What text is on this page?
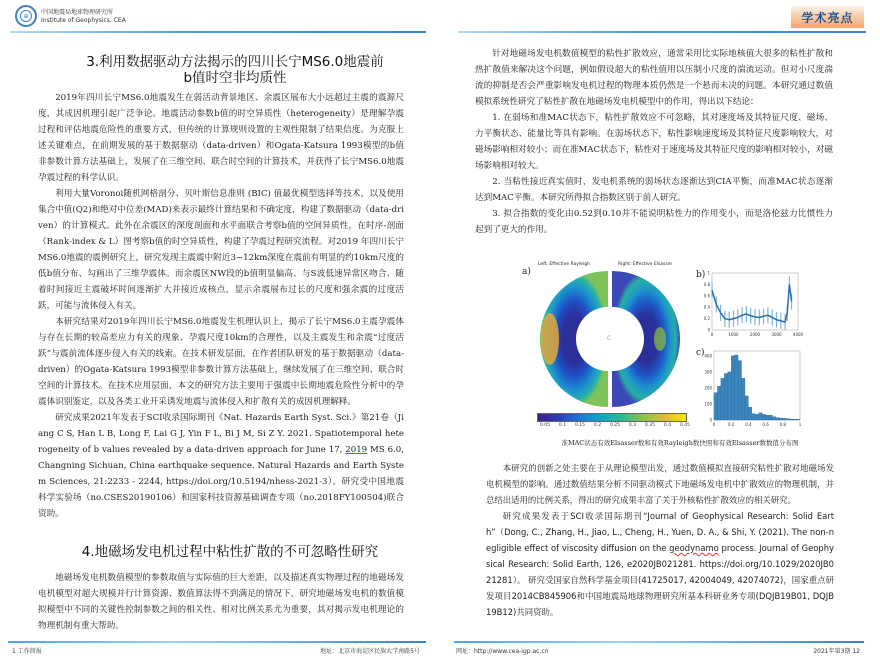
⊕	中国地震局地球物理研究所
Institute of Geophysics, CEA
3.利用数据驱动方法揭示的四川长宁MS6.0地震前
b值时空非均质性

2019年四川长宁MS6.0地震发生在弱活动背景地区、余震区展布大小远超过主震的震源尺度，其成因机理引起广泛争论。地震活动参数b值的时空异质性（heterogeneity）是理解孕震过程和评估地震危险性的重要方式，但传统的计算规则设置的主观性限制了结果信度。为克服上述关键难点，在前期发展的基于数据驱动（data-driven）和Ogata-Katsura 1993模型的b值非参数计算方法基础上，发展了在三维空间、联合时空间的计算技术，并获得了长宁MS6.0地震孕震过程的科学认识。

利用大量Voronoi随机网格剖分、贝叶斯信息准则 (BIC) 值最优模型选择等技术，以及使用集合中值(Q2)和绝对中位差(MAD)来表示最终计算结果和不确定度，构建了数据驱动（data-driven）的计算模式。此外在余震区的深度剖面和水平面联合考察b值的空间异质性，在时序-剖面（Rank-index & L）图考察b值的时空异质性，构建了孕震过程研究流程。对2019 年四川长宁MS6.0地震的震例研究上，研究发现主震震中附近3~12km深度在震前有明显的约10km尺度的低b值分布、勾画出了三维孕震体。而余震区NW段的b值明显偏高、与S波低速异常区吻合、随着时间接近主震破坏时间逐渐扩大并接近成核点，显示余震展布过长的尺度和强余震的过度活跃，可能与流体侵入有关。

本研究结果对2019年四川长宁MS6.0地震发生机理认识上，揭示了长宁MS6.0主震孕震体与存在长期的较高差应力有关的现象、孕震尺度10km的合理性，以及主震发生和余震“过度活跃”与震前流体逐步侵入有关的线索。在技术研发层面，在作者团队研发的基于数据驱动（data-driven）的Ogata-Katsura 1993模型非参数计算方法基础上，继续发展了在三维空间、联合时空间的计算技术。在技术应用层面，本文的研究方法主要用于强震中长期地震危险性分析中的孕震体识别鉴定，以及各类工业开采诱发地震与流体侵入和扩散有关的成因机理解释。

研究成果2021年发表于SCI收录国际期刊《Nat. Hazards Earth Syst. Sci.》第21卷（Jiang C S, Han L B, Long F, Lai G J, Yin F L, Bi J M, Si Z Y. 2021. Spatiotemporal heterogeneity of b values revealed by a data-driven approach for June 17, 2019 MS 6.0, Changning Sichuan, China earthquake sequence. Natural Hazards and Earth System Sciences, 21:2233 - 2244, https://doi.org/10.5194/nhess-2021-3）。研究受中国地震科学实验场（no.CSES20190106）和国家科技资源基础调查专项（no.2018FY100504)联合资助。

4.地磁场发电机过程中粘性扩散的不可忽略性研究

地磁场发电机数值模型的参数取值与实际值的巨大差距，以及描述真实物理过程的地磁场发电机模型对超大规模并行计算资源、数值算法得不到满足的情况下，研究地磁场发电机的数值模拟模型中不同的关键性控制参数之间的相关性、相对比例关系尤为重要，其对揭示发电机理论的物理机制有重大帮助。

1 工作简报	地址：北京市海淀区民族大学南路5号
学术亮点

针对地磁场发电机数值模型的粘性扩散效应，通常采用比实际地核值大很多的粘性扩散和热扩散值来解决这个问题，例如假设超大的粘性值用以压制小尺度的湍流运动。但对小尺度湍流的抑制是否会严重影响发电机过程的物理本质仍然是一个悬而未决的问题。本研究通过数值模拟系统性研究了粘性扩散在地磁场发电机模型中的作用，得出以下结论：

1. 在弱场和准MAC状态下，粘性扩散效应不可忽略，其对速度场及其特征尺度、磁场、力平衡状态、能量比等具有影响。在弱场状态下，粘性影响速度场及其特征尺度影响较大，对磁场影响相对较小；而在准MAC状态下，粘性对于速度场及其特征尺度的影响相对较小，对磁场影响相对较大。

2. 当粘性接近真实值时，发电机系统的弱场状态逐渐达到CIA平衡，而准MAC状态逐渐达到MAC平衡。本研究所得拟合指数区别于前人研究。

3. 拟合指数的变化由0.52到0.10并不能说明粘性力的作用变小，而是洛伦兹力比惯性力起到了更大的作用。

a)
Left: Effective Rayleigh	Right: Effective Elsasser
C
0.05 0.1 0.15 0.2 0.25 0.3 0.35 0.4 0.45
b)
0	1000	2000	3000	4000
0
0.2
0.4
0.6
0.8
1
c)
0	0.2	0.4	0.6	0.8	1
0
100
200
300
400
准MAC状态有效Elsasser数和有效Rayleigh数快照和有效Elsasser数数值分布图

本研究的创新之处主要在于从理论模型出发，通过数值模拟直接研究粘性扩散对地磁场发电机模型的影响。通过数值结果分析不同驱动模式下地磁场发电机中扩散效应的物理机制，并总结出适用的比例关系，得出的研究成果丰富了关于外核粘性扩散效应的相关研究。

研究成果发表于SCI收录国际期刊“Journal of Geophysical Research: Solid Earth”（Dong, C., Zhang, H., Jiao, L., Cheng, H., Yuen, D. A., & Shi, Y. (2021). The non-negligible effect of viscosity diffusion on the geodynamo process. Journal of Geophysical Research: Solid Earth, 126, e2020JB021281. https://doi.org/10.1029/2020JB021281）。 研究受国家自然科学基金项目(41725017, 42004049, 42074072)，国家重点研发项目2014CB845906和中国地震局地球物理研究所基本科研业务专项(DQJB19B01, DQJB19B12)共同资助。

网址：http://www.cea-igp.ac.cn	2021年第3期 12
